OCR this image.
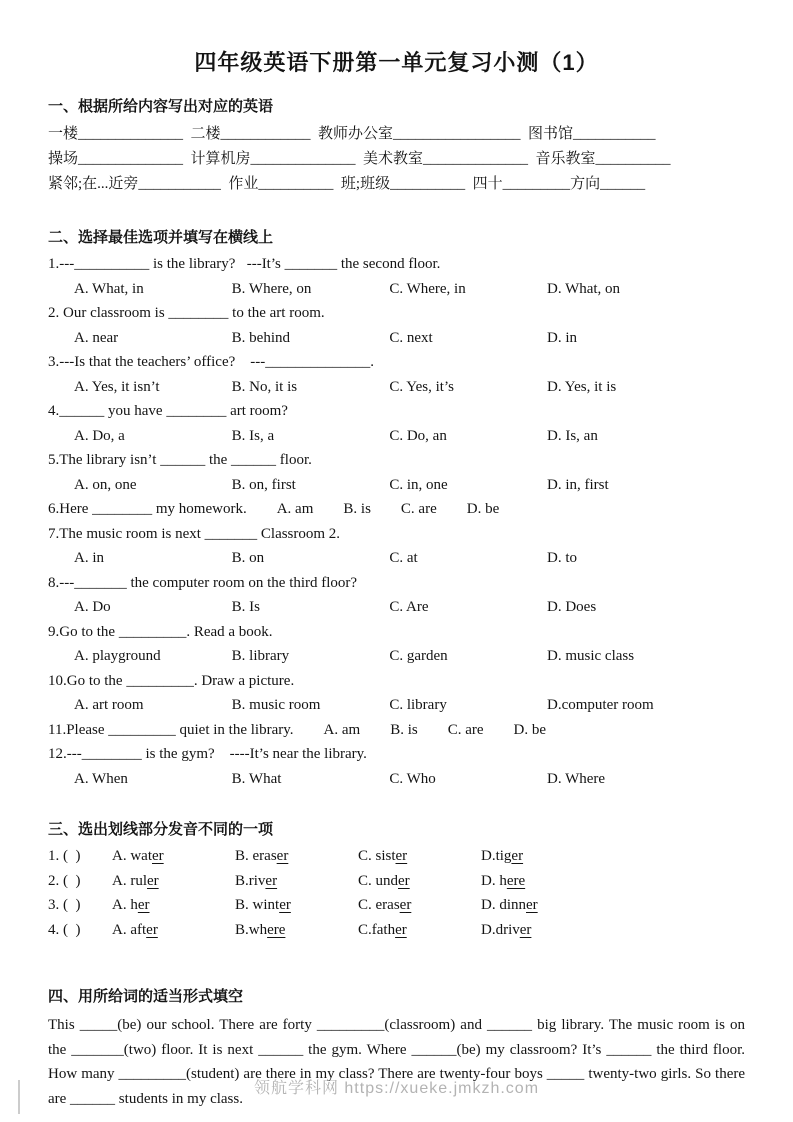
四年级英语下册第一单元复习小测（1）
一、根据所给内容写出对应的英语
一楼______________  二楼____________  教师办公室_________________  图书馆___________
操场______________  计算机房______________  美术教室______________  音乐教室__________
紧邻;在...近旁___________  作业__________  班;班级__________  四十_________方向______
二、选择最佳选项并填写在横线上
1.---__________ is the library?   ---It’s _______ the second floor.
A. What, in	B. Where, on	C. Where, in	D. What, on
2. Our classroom is ________ to the art room.
A. near	B. behind	C. next	D. in
3.---Is that the teachers’ office?    ---______________.
A. Yes, it isn’t	B. No, it is	C. Yes, it’s	D. Yes, it is
4.______ you have ________ art room?
A. Do, a	B. Is, a	C. Do, an	D. Is, an
5.The library isn’t ______ the ______ floor.
A. on, one	B. on, first	C. in, one	D. in, first
6.Here ________ my homework. A. am B. is C. are D. be
7.The music room is next _______ Classroom 2.
A. in	B. on	C. at	D. to
8.---_______ the computer room on the third floor?
A. Do	B. Is	C. Are	D. Does
9.Go to the _________. Read a book.
A. playground	B. library	C. garden	D. music class
10.Go to the _________. Draw a picture.
A. art room	B. music room	C. library	D.computer room
11.Please _________ quiet in the library. A. am B. is C. are D. be
12.---________ is the gym?    ----It’s near the library.
A. When	B. What	C. Who	D. Where
三、选出划线部分发音不同的一项
1. (  )	A. water	B. eraser	C. sister	D.tiger
2. (  )	A. ruler	B.river	C. under	D. here
3. (  )	A. her	B. winter	C. eraser	D. dinner
4. (  )	A. after	B.where	C.father	D.driver
四、用所给词的适当形式填空

This _____(be) our school. There are forty _________(classroom) and ______ big library. The music room is on the _______(two) floor. It is next ______ the gym. Where ______(be) my classroom? It’s ______ the third floor. How many _________(student) are there in my class? There are twenty-four boys _____ twenty-two girls. So there are ______ students in my class.

领航学科网 https://xueke.jmkzh.com
